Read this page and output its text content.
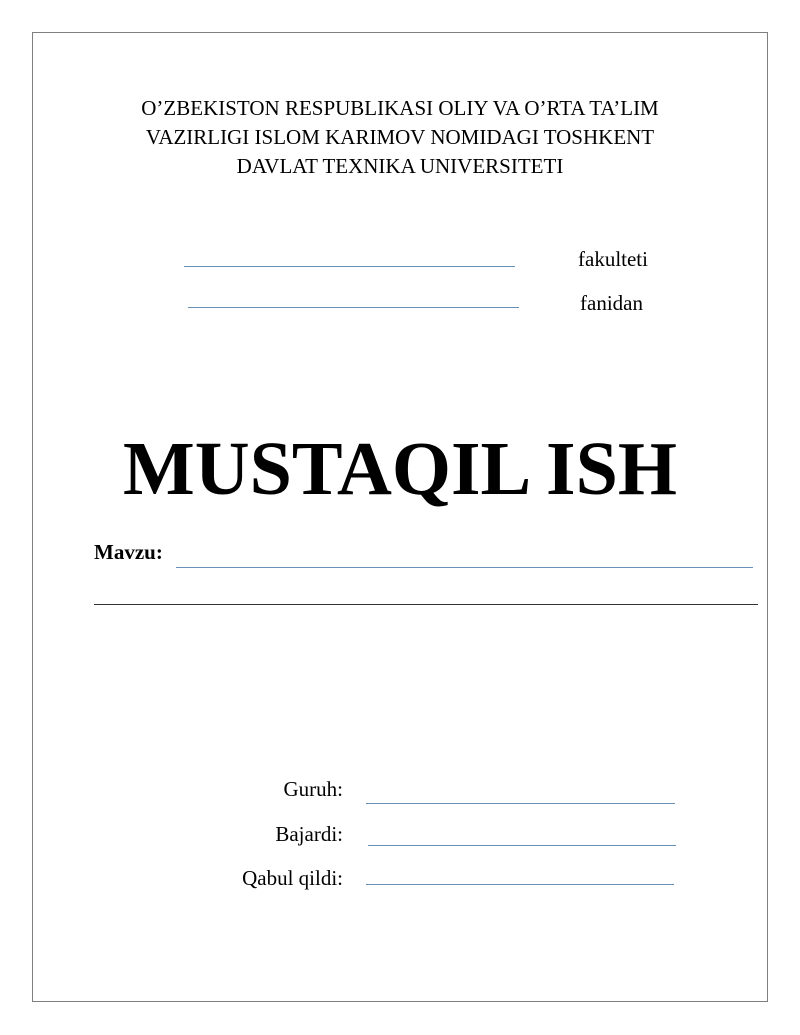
O’ZBEKISTON RESPUBLIKASI OLIY VA O’RTA TA’LIM
VAZIRLIGI ISLOM KARIMOV NOMIDAGI TOSHKENT
DAVLAT TEXNIKA UNIVERSITETI
fakulteti
fanidan
MUSTAQIL ISH
Mavzu:
Guruh:
Bajardi:
Qabul qildi:
